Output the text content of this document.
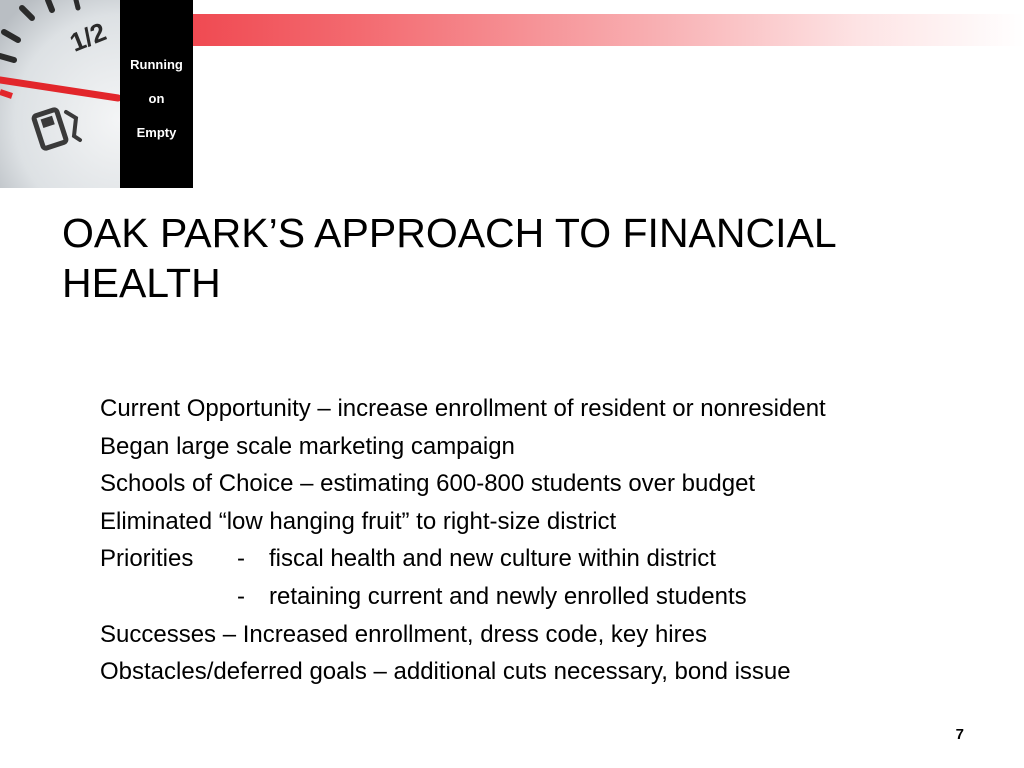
1/2
Running
on
Empty
OAK PARK’S APPROACH TO FINANCIAL
HEALTH
Current Opportunity – increase enrollment of resident or nonresident
Began large scale marketing campaign
Schools of Choice – estimating 600-800 students over budget
Eliminated “low hanging fruit” to right-size district
Priorities - fiscal health and new culture within district
- retaining current and newly enrolled students
Successes – Increased enrollment, dress code, key hires
Obstacles/deferred goals – additional cuts necessary, bond issue
7
